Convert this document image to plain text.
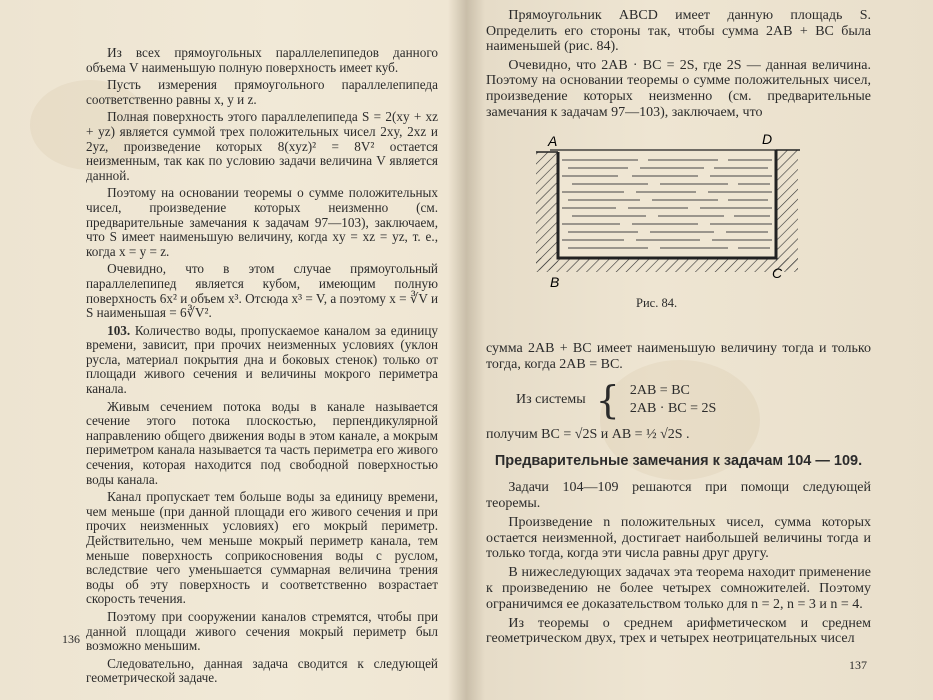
Из всех прямоугольных параллелепипедов данного объема V наименьшую полную поверхность имеет куб.

Пусть измерения прямоугольного параллелепипеда соответственно равны x, y и z.

Полная поверхность этого параллелепипеда S = 2(xy + xz + yz) является суммой трех положительных чисел 2xy, 2xz и 2yz, произведение которых 8(xyz)² = 8V² остается неизменным, так как по условию задачи величина V является данной.

Поэтому на основании теоремы о сумме положительных чисел, произведение которых неизменно (см. предварительные замечания к задачам 97—103), заключаем, что S имеет наименьшую величину, когда xy = xz = yz, т. е., когда x = y = z.

Очевидно, что в этом случае прямоугольный параллелепипед является кубом, имеющим полную поверхность 6x² и объем x³. Отсюда x³ = V, а поэтому x = ∛V и S наименьшая = 6∛V².

103. Количество воды, пропускаемое каналом за единицу времени, зависит, при прочих неизменных условиях (уклон русла, материал покрытия дна и боковых стенок) только от площади живого сечения и величины мокрого периметра канала.

Живым сечением потока воды в канале называется сечение этого потока плоскостью, перпендикулярной направлению общего движения воды в этом канале, а мокрым периметром канала называется та часть периметра его живого сечения, которая находится под свободной поверхностью воды канала.

Канал пропускает тем больше воды за единицу времени, чем меньше (при данной площади его живого сечения и при прочих неизменных условиях) его мокрый периметр. Действительно, чем меньше мокрый периметр канала, тем меньше поверхность соприкосновения воды с руслом, вследствие чего уменьшается суммарная величина трения воды об эту поверхность и соответственно возрастает скорость течения.

Поэтому при сооружении каналов стремятся, чтобы при данной площади живого сечения мокрый периметр был возможно меньшим.

Следовательно, данная задача сводится к следующей геометрической задаче.

136

Прямоугольник ABCD имеет данную площадь S. Определить его стороны так, чтобы сумма 2AB + BC была наименьшей (рис. 84).

Очевидно, что 2AB · BC = 2S, где 2S — данная величина. Поэтому на основании теоремы о сумме положительных чисел, произведение которых неизменно (см. предварительные замечания к задачам 97—103), заключаем, что

A	D
B
C
Рис. 84.

сумма 2AB + BC имеет наименьшую величину тогда и только тогда, когда 2AB = BC.

Из системы { 2AB = BC
2AB · BC = 2S

получим BC = √2S и AB = ½ √2S .

Предварительные замечания к задачам 104 — 109.

Задачи 104—109 решаются при помощи следующей теоремы.

Произведение n положительных чисел, сумма которых остается неизменной, достигает наибольшей величины тогда и только тогда, когда эти числа равны друг другу.

В нижеследующих задачах эта теорема находит применение к произведению не более четырех сомножителей. Поэтому ограничимся ее доказательством только для n = 2, n = 3 и n = 4.

Из теоремы о среднем арифметическом и среднем геометрическом двух, трех и четырех неотрицательных чисел

137
